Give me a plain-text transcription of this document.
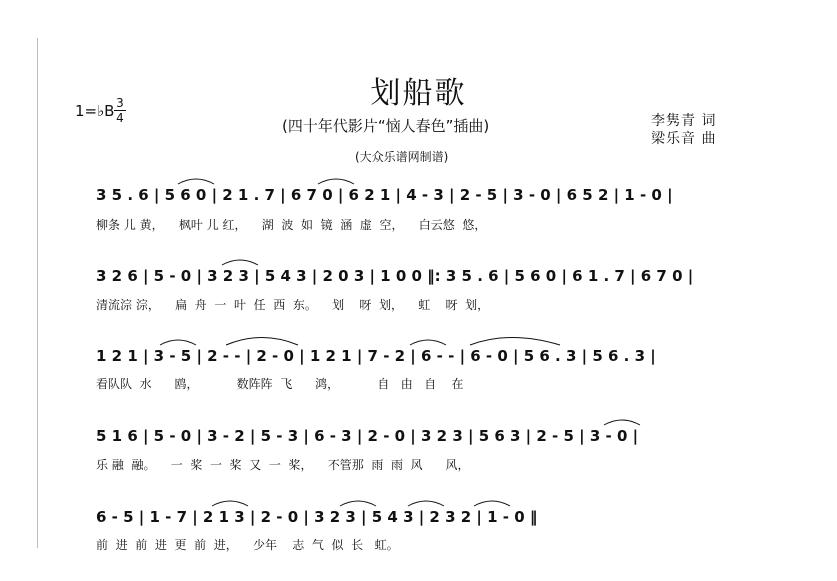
划船歌
(四十年代影片“恼人春色”插曲)
(大众乐谱网制谱)
李隽青 词
梁乐音 曲
1=♭B 3
4
3 5 . 6 | 5 6 0 | 2 1 . 7 | 6 7 0 | 6 2 1 | 4 - 3 | 2 - 5 | 3 - 0 | 6 5 2 | 1 - 0 |
柳条 儿 黄，    枫叶 儿 红，    湖  波  如  镜  涵  虚  空，    白云悠  悠，
3 2 6 | 5 - 0 | 3 2 3 | 5 4 3 | 2 0 3 | 1 0 0 ‖: 3 5 . 6 | 5 6 0 | 6 1 . 7 | 6 7 0 |
清流淙 淙，    扁  舟  一  叶  任  西  东。    划    呀  划，    虹    呀  划，
1 2 1 | 3 - 5 | 2 - - | 2 - 0 | 1 2 1 | 7 - 2 | 6 - - | 6 - 0 | 5 6 . 3 | 5 6 . 3 |
看队队  水      鸥，          数阵阵  飞      鸿，          自   由   自    在
5 1 6 | 5 - 0 | 3 - 2 | 5 - 3 | 6 - 3 | 2 - 0 | 3 2 3 | 5 6 3 | 2 - 5 | 3 - 0 |
乐 融  融。    一  桨  一  桨  又  一  桨，    不管那  雨  雨  风      风，
6 - 5 | 1 - 7 | 2 1 3 | 2 - 0 | 3 2 3 | 5 4 3 | 2 3 2 | 1 - 0 ‖
前  进  前  进  更  前  进，    少年    志  气  似  长   虹。
